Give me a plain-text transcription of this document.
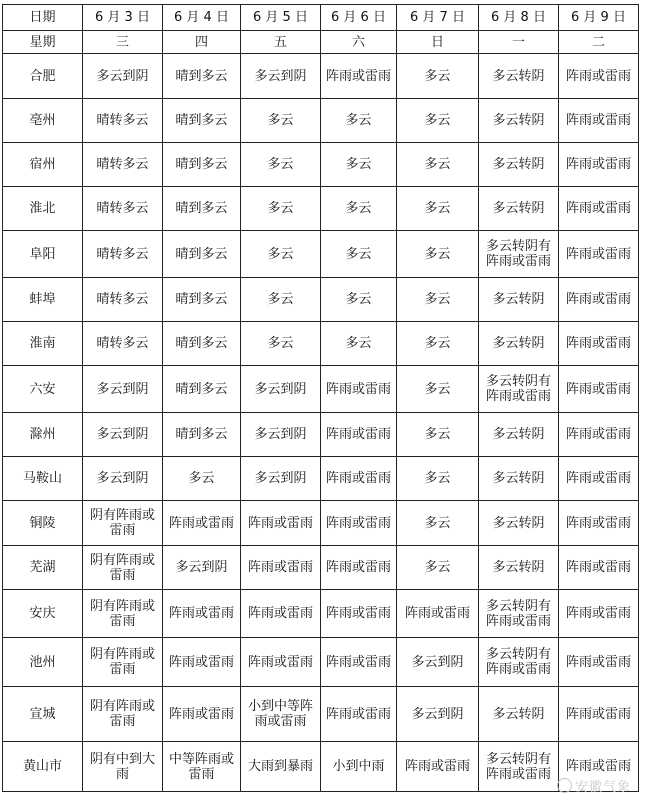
日期	6 月 3 日	6 月 4 日	6 月 5 日	6 月 6 日	6 月 7 日	6 月 8 日	6 月 9 日
星期	三	四	五	六	日	一	二
合肥	多云到阴	晴到多云	多云到阴	阵雨或雷雨	多云	多云转阴	阵雨或雷雨
亳州	晴转多云	晴到多云	多云	多云	多云	多云转阴	阵雨或雷雨
宿州	晴转多云	晴到多云	多云	多云	多云	多云转阴	阵雨或雷雨
淮北	晴转多云	晴到多云	多云	多云	多云	多云转阴	阵雨或雷雨
阜阳	晴转多云	晴到多云	多云	多云	多云	多云转阴有阵雨或雷雨	阵雨或雷雨
蚌埠	晴转多云	晴到多云	多云	多云	多云	多云转阴	阵雨或雷雨
淮南	晴转多云	晴到多云	多云	多云	多云	多云转阴	阵雨或雷雨
六安	多云到阴	晴到多云	多云到阴	阵雨或雷雨	多云	多云转阴有阵雨或雷雨	阵雨或雷雨
滁州	多云到阴	晴到多云	多云到阴	阵雨或雷雨	多云	多云转阴	阵雨或雷雨
马鞍山	多云到阴	多云	多云到阴	阵雨或雷雨	多云	多云转阴	阵雨或雷雨
铜陵	阴有阵雨或雷雨	阵雨或雷雨	阵雨或雷雨	阵雨或雷雨	多云	多云转阴	阵雨或雷雨
芜湖	阴有阵雨或雷雨	多云到阴	阵雨或雷雨	阵雨或雷雨	多云	多云转阴	阵雨或雷雨
安庆	阴有阵雨或雷雨	阵雨或雷雨	阵雨或雷雨	阵雨或雷雨	阵雨或雷雨	多云转阴有阵雨或雷雨	阵雨或雷雨
池州	阴有阵雨或雷雨	阵雨或雷雨	阵雨或雷雨	阵雨或雷雨	多云到阴	多云转阴有阵雨或雷雨	阵雨或雷雨
宣城	阴有阵雨或雷雨	阵雨或雷雨	小到中等阵雨或雷雨	阵雨或雷雨	多云到阴	多云转阴	阵雨或雷雨
黄山市	阴有中到大雨	中等阵雨或雷雨	大雨到暴雨	小到中雨	阵雨或雷雨	多云转阴有阵雨或雷雨	阵雨或雷雨
安徽气象
